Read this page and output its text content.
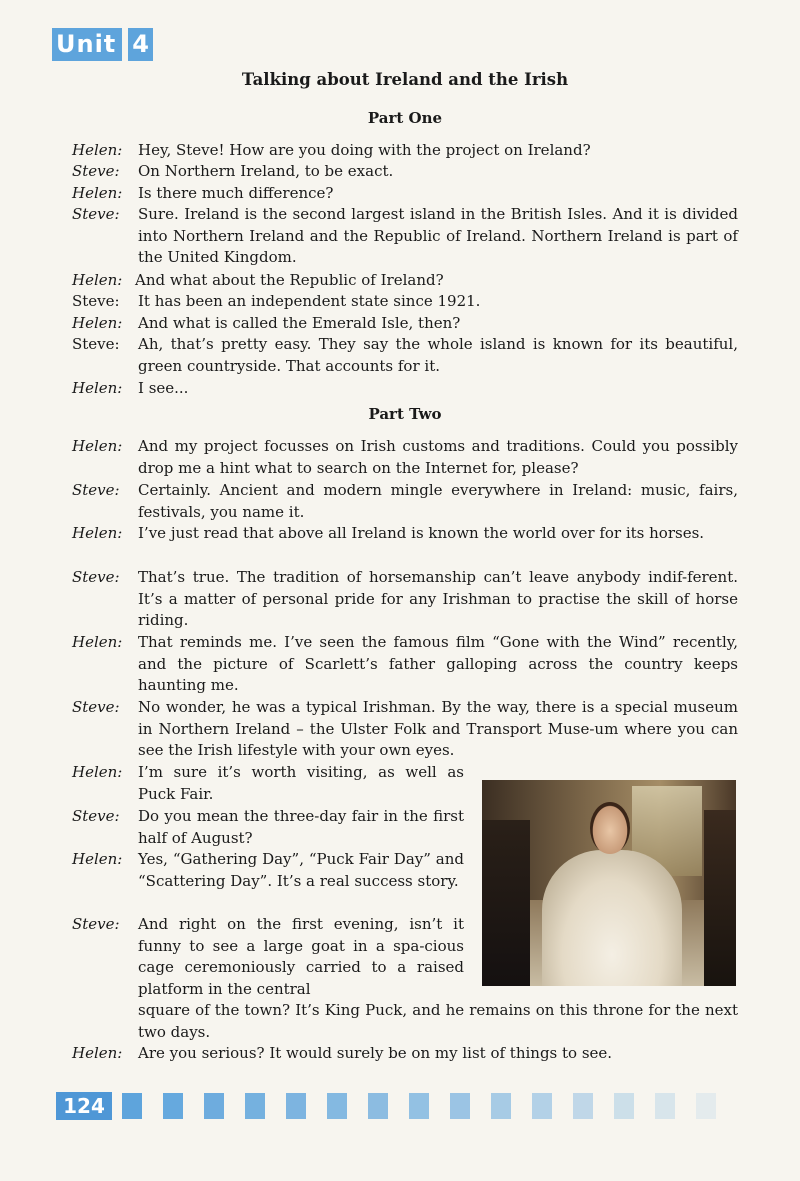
Unit 4
Talking about Ireland and the Irish
Part One
Helen:	Hey, Steve! How are you doing with the project on Ireland?
Steve:	On Northern Ireland, to be exact.
Helen:	Is there much difference?
Steve:	Sure. Ireland is the second largest island in the British Isles. And it is divided into Northern Ireland and the Republic of Ireland. Northern Ireland is part of the United Kingdom.
Helen: And what about the Republic of Ireland?
Steve:	It has been an independent state since 1921.
Helen:	And what is called the Emerald Isle, then?
Steve:	Ah, that’s pretty easy. They say the whole island is known for its beautiful, green countryside. That accounts for it.
Helen:	I see...
Part Two
Helen:	And my project focusses on Irish customs and traditions. Could you possibly drop me a hint what to search on the Internet for, please?
Steve:	Certainly. Ancient and modern mingle everywhere in Ireland: music, fairs, festivals, you name it.
Helen:	I’ve just read that above all Ireland is known the world over for its horses.
Steve:	That’s true. The tradition of horsemanship can’t leave anybody indif-ferent. It’s a matter of personal pride for any Irishman to practise the skill of horse riding.
Helen:	That reminds me. I’ve seen the famous film “Gone with the Wind” recently, and the picture of Scarlett’s father galloping across the country keeps haunting me.
Steve:	No wonder, he was a typical Irishman. By the way, there is a special museum in Northern Ireland – the Ulster Folk and Transport Muse-um where you can see the Irish lifestyle with your own eyes.
Helen:	I’m sure it’s worth visiting, as well as Puck Fair.
Steve:	Do you mean the three-day fair in the first half of August?
Helen:	Yes, “Gathering Day”, “Puck Fair Day” and “Scattering Day”. It’s a real success story.
Steve:	And right on the first evening, isn’t it funny to see a large goat in a spa-cious cage ceremoniously carried to a raised platform in the central
square of the town? It’s King Puck, and he remains on this throne for the next two days.
Helen:	Are you serious? It would surely be on my list of things to see.
124
